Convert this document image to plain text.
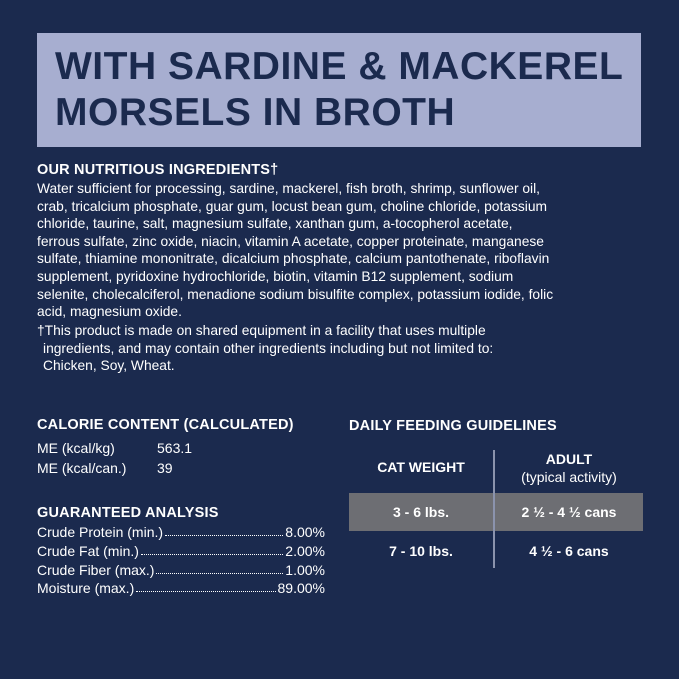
WITH SARDINE & MACKEREL
MORSELS IN BROTH
OUR NUTRITIOUS INGREDIENTS†
Water sufficient for processing, sardine, mackerel, fish broth, shrimp, sunflower oil,
crab, tricalcium phosphate, guar gum, locust bean gum, choline chloride, potassium
chloride, taurine, salt, magnesium sulfate, xanthan gum, a-tocopherol acetate,
ferrous sulfate, zinc oxide, niacin, vitamin A acetate, copper proteinate, manganese
sulfate, thiamine mononitrate, dicalcium phosphate, calcium pantothenate, riboflavin
supplement, pyridoxine hydrochloride, biotin, vitamin B12 supplement, sodium
selenite, cholecalciferol, menadione sodium bisulfite complex, potassium iodide, folic
acid, magnesium oxide.
†This product is made on shared equipment in a facility that uses multiple
ingredients, and may contain other ingredients including but not limited to:
Chicken, Soy, Wheat.
CALORIE CONTENT (CALCULATED)
ME (kcal/kg)	563.1
ME (kcal/can.) 39
GUARANTEED ANALYSIS
Crude Protein (min.)	8.00%
Crude Fat (min.)	2.00%
Crude Fiber (max.)	1.00%
Moisture (max.)	89.00%
DAILY FEEDING GUIDELINES
CAT WEIGHT	ADULT
(typical activity)
3 - 6 lbs.	2 ½ - 4 ½ cans
7 - 10 lbs.	4 ½ - 6 cans
